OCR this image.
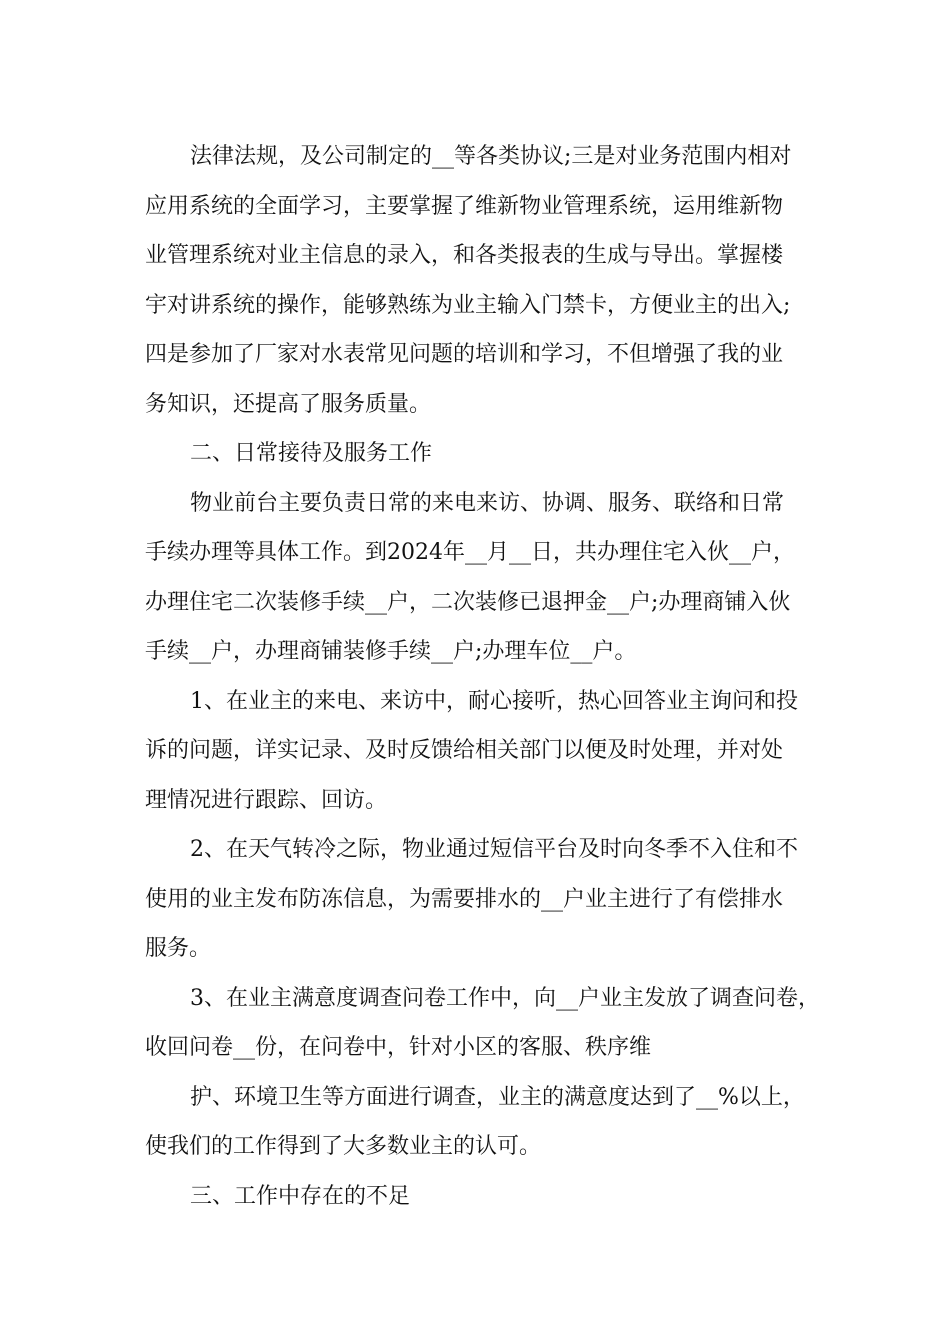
法律法规，及公司制定的__等各类协议;三是对业务范围内相对
应用系统的全面学习，主要掌握了维新物业管理系统，运用维新物
业管理系统对业主信息的录入，和各类报表的生成与导出。掌握楼
宇对讲系统的操作，能够熟练为业主输入门禁卡，方便业主的出入;
四是参加了厂家对水表常见问题的培训和学习，不但增强了我的业
务知识，还提高了服务质量。
二、日常接待及服务工作
物业前台主要负责日常的来电来访、协调、服务、联络和日常
手续办理等具体工作。到2024年__月__日，共办理住宅入伙__户，
办理住宅二次装修手续__户，二次装修已退押金__户;办理商铺入伙
手续__户，办理商铺装修手续__户;办理车位__户。
1、在业主的来电、来访中，耐心接听，热心回答业主询问和投
诉的问题，详实记录、及时反馈给相关部门以便及时处理，并对处
理情况进行跟踪、回访。
2、在天气转冷之际，物业通过短信平台及时向冬季不入住和不
使用的业主发布防冻信息，为需要排水的__户业主进行了有偿排水
服务。
3、在业主满意度调查问卷工作中，向__户业主发放了调查问卷，
收回问卷__份，在问卷中，针对小区的客服、秩序维
护、环境卫生等方面进行调查，业主的满意度达到了__%以上，
使我们的工作得到了大多数业主的认可。
三、工作中存在的不足
